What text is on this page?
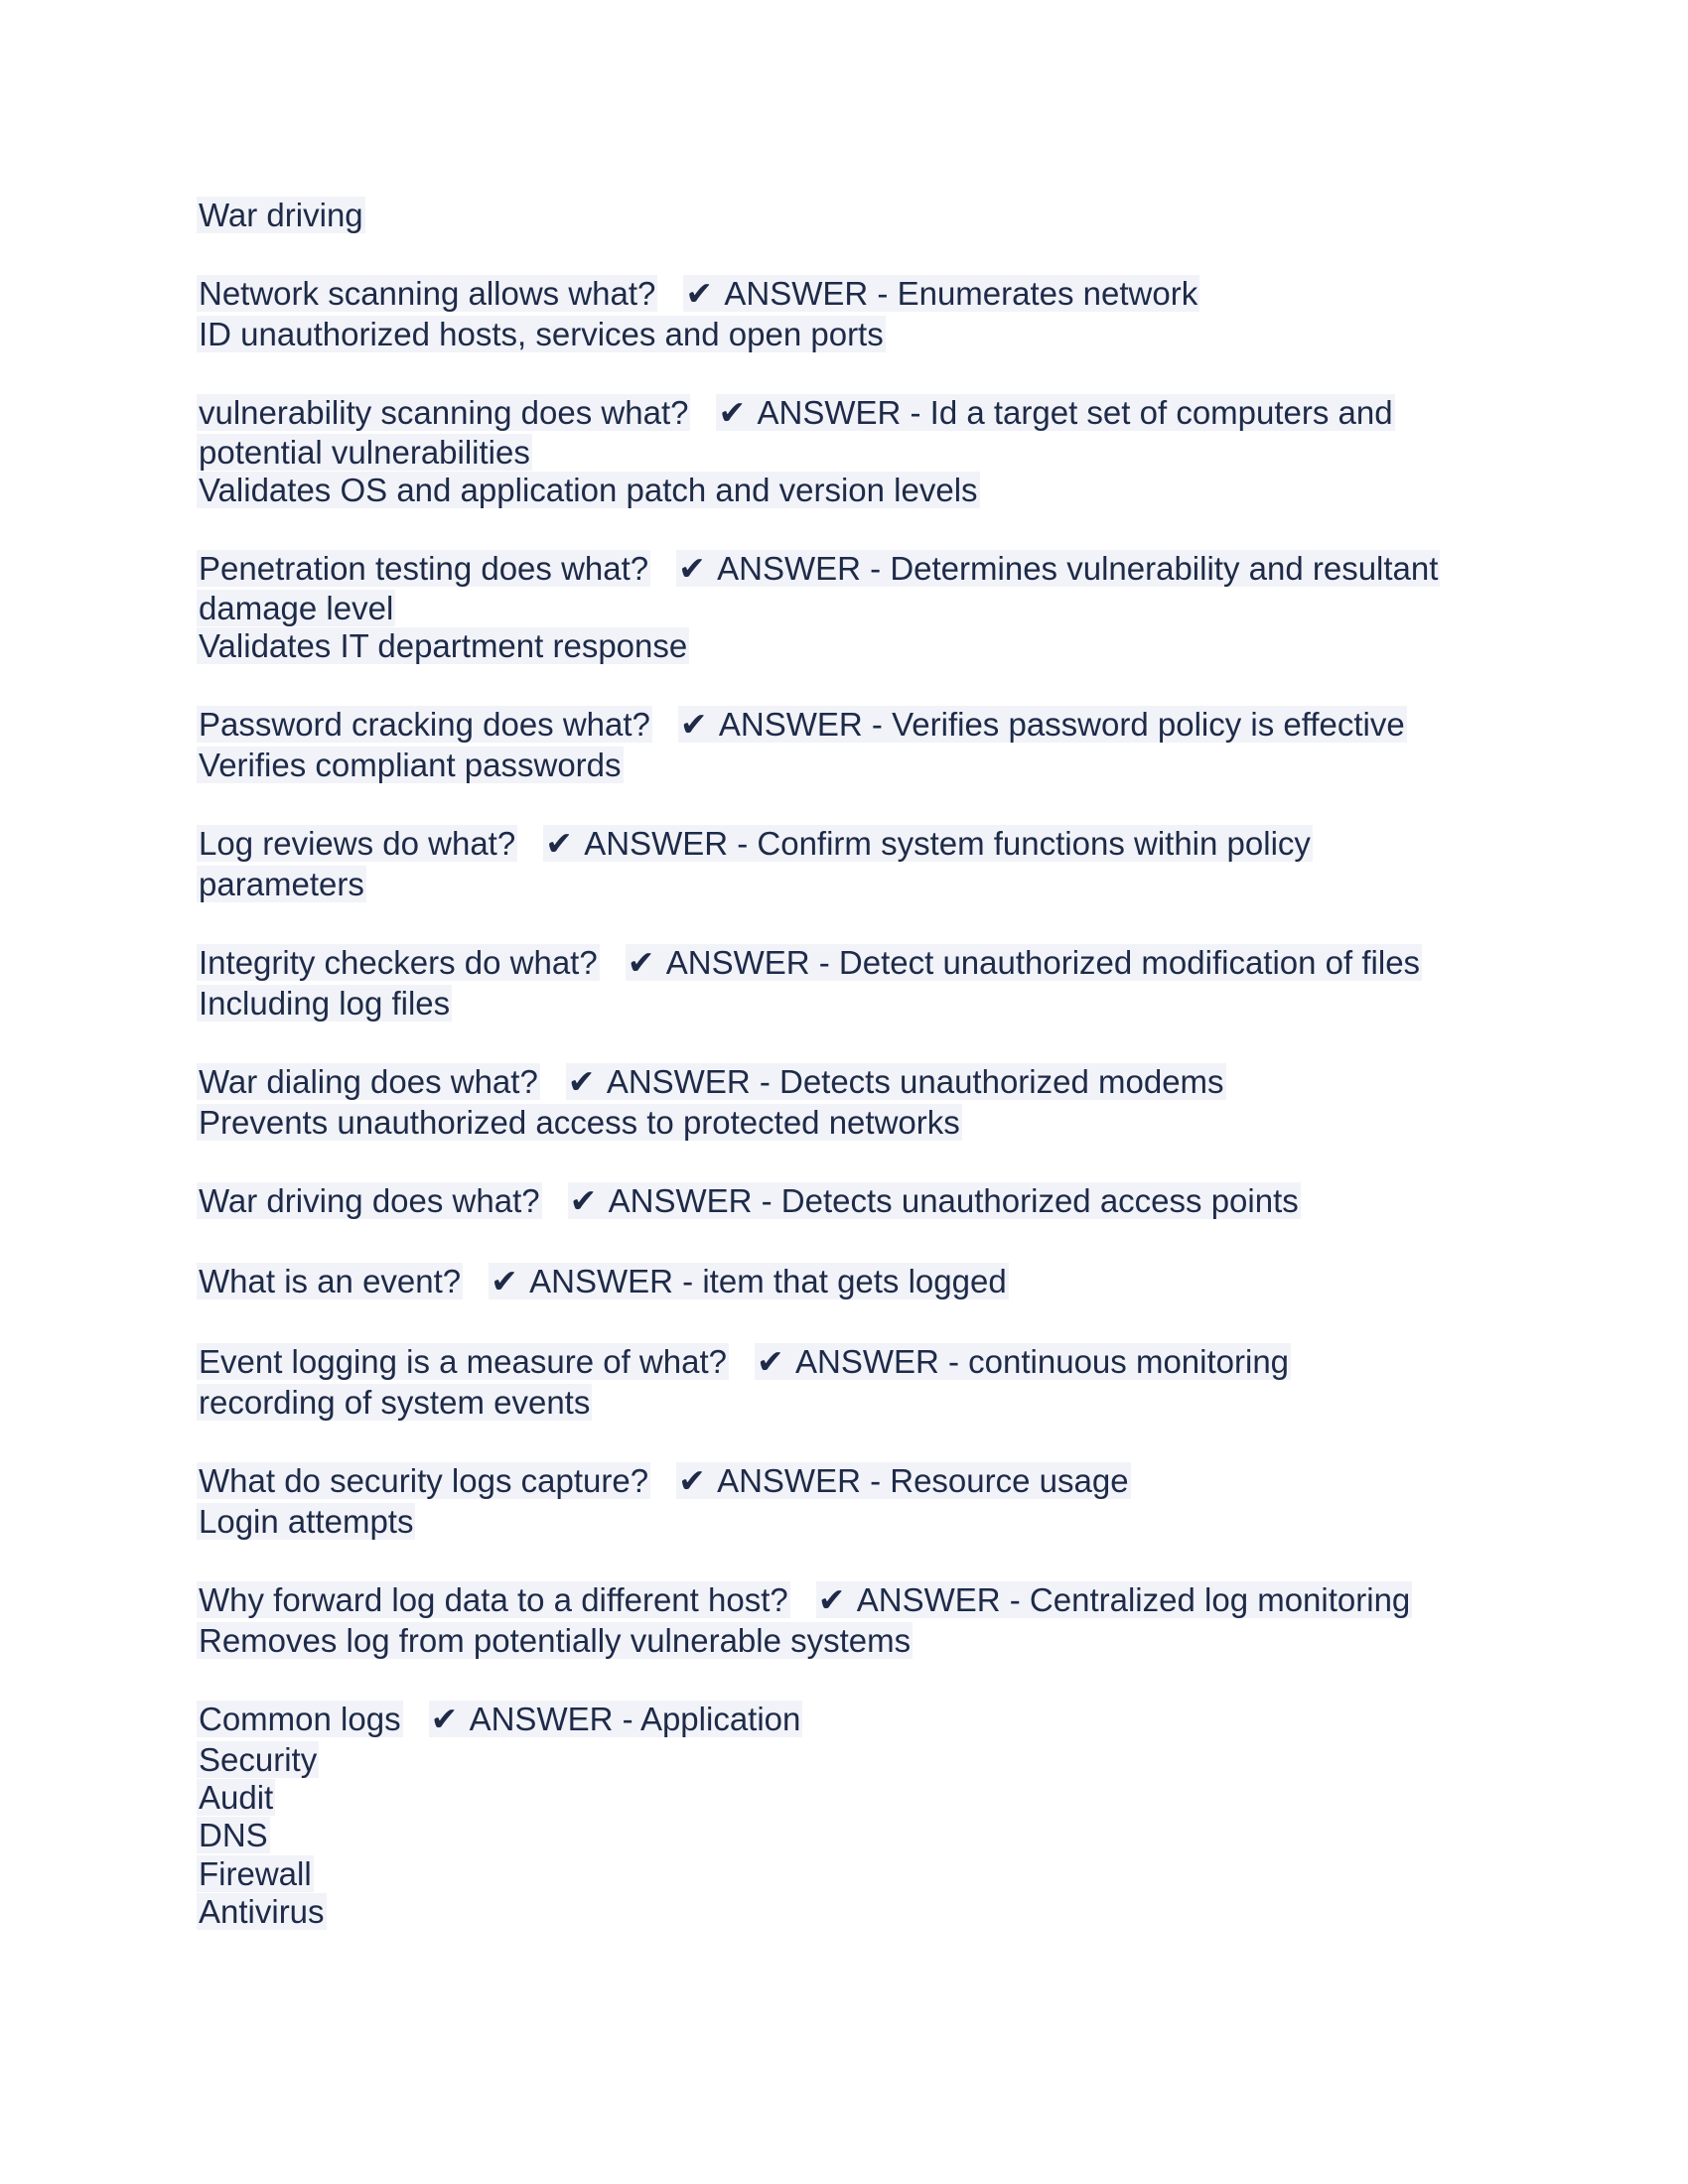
War driving
Network scanning allows what? ✔ ANSWER - Enumerates network
ID unauthorized hosts, services and open ports
vulnerability scanning does what? ✔ ANSWER - Id a target set of computers and
potential vulnerabilities
Validates OS and application patch and version levels
Penetration testing does what? ✔ ANSWER - Determines vulnerability and resultant
damage level
Validates IT department response
Password cracking does what? ✔ ANSWER - Verifies password policy is effective
Verifies compliant passwords
Log reviews do what? ✔ ANSWER - Confirm system functions within policy
parameters
Integrity checkers do what? ✔ ANSWER - Detect unauthorized modification of files
Including log files
War dialing does what? ✔ ANSWER - Detects unauthorized modems
Prevents unauthorized access to protected networks
War driving does what? ✔ ANSWER - Detects unauthorized access points
What is an event? ✔ ANSWER - item that gets logged
Event logging is a measure of what? ✔ ANSWER - continuous monitoring
recording of system events
What do security logs capture? ✔ ANSWER - Resource usage
Login attempts
Why forward log data to a different host? ✔ ANSWER - Centralized log monitoring
Removes log from potentially vulnerable systems
Common logs ✔ ANSWER - Application
Security
Audit
DNS
Firewall
Antivirus
